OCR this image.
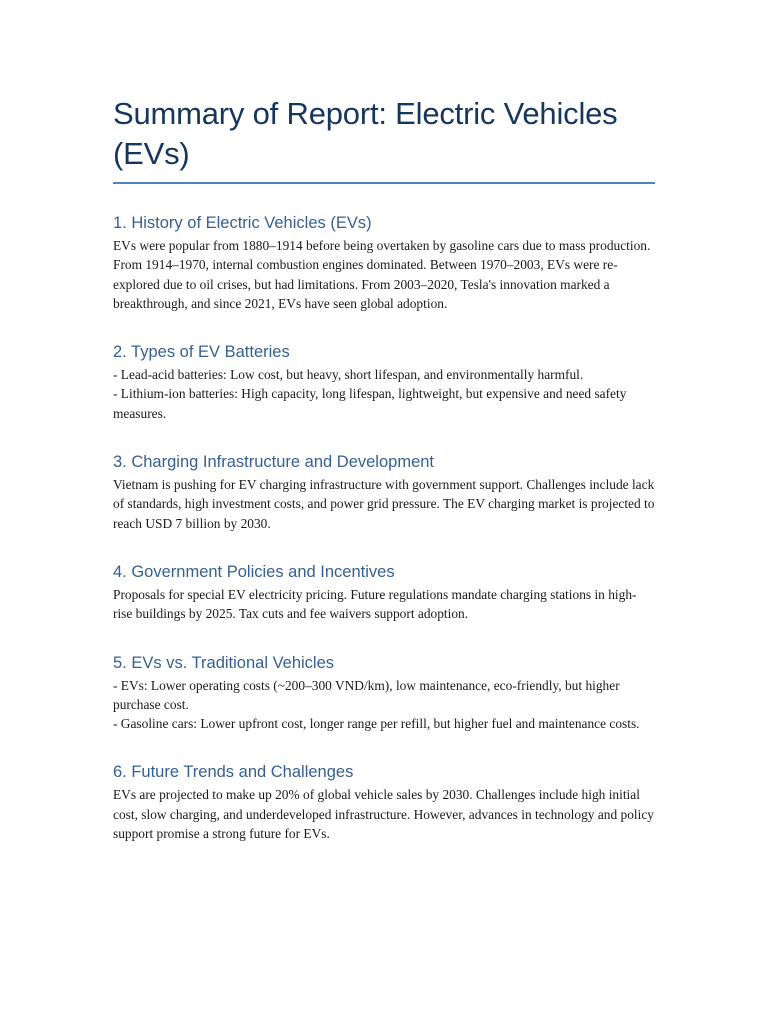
Summary of Report: Electric Vehicles (EVs)
1. History of Electric Vehicles (EVs)
EVs were popular from 1880–1914 before being overtaken by gasoline cars due to mass production. From 1914–1970, internal combustion engines dominated. Between 1970–2003, EVs were re-explored due to oil crises, but had limitations. From 2003–2020, Tesla's innovation marked a breakthrough, and since 2021, EVs have seen global adoption.
2. Types of EV Batteries
- Lead-acid batteries: Low cost, but heavy, short lifespan, and environmentally harmful.
- Lithium-ion batteries: High capacity, long lifespan, lightweight, but expensive and need safety measures.
3. Charging Infrastructure and Development
Vietnam is pushing for EV charging infrastructure with government support. Challenges include lack of standards, high investment costs, and power grid pressure. The EV charging market is projected to reach USD 7 billion by 2030.
4. Government Policies and Incentives
Proposals for special EV electricity pricing. Future regulations mandate charging stations in high-rise buildings by 2025. Tax cuts and fee waivers support adoption.
5. EVs vs. Traditional Vehicles
- EVs: Lower operating costs (~200–300 VND/km), low maintenance, eco-friendly, but higher purchase cost.
- Gasoline cars: Lower upfront cost, longer range per refill, but higher fuel and maintenance costs.
6. Future Trends and Challenges
EVs are projected to make up 20% of global vehicle sales by 2030. Challenges include high initial cost, slow charging, and underdeveloped infrastructure. However, advances in technology and policy support promise a strong future for EVs.
